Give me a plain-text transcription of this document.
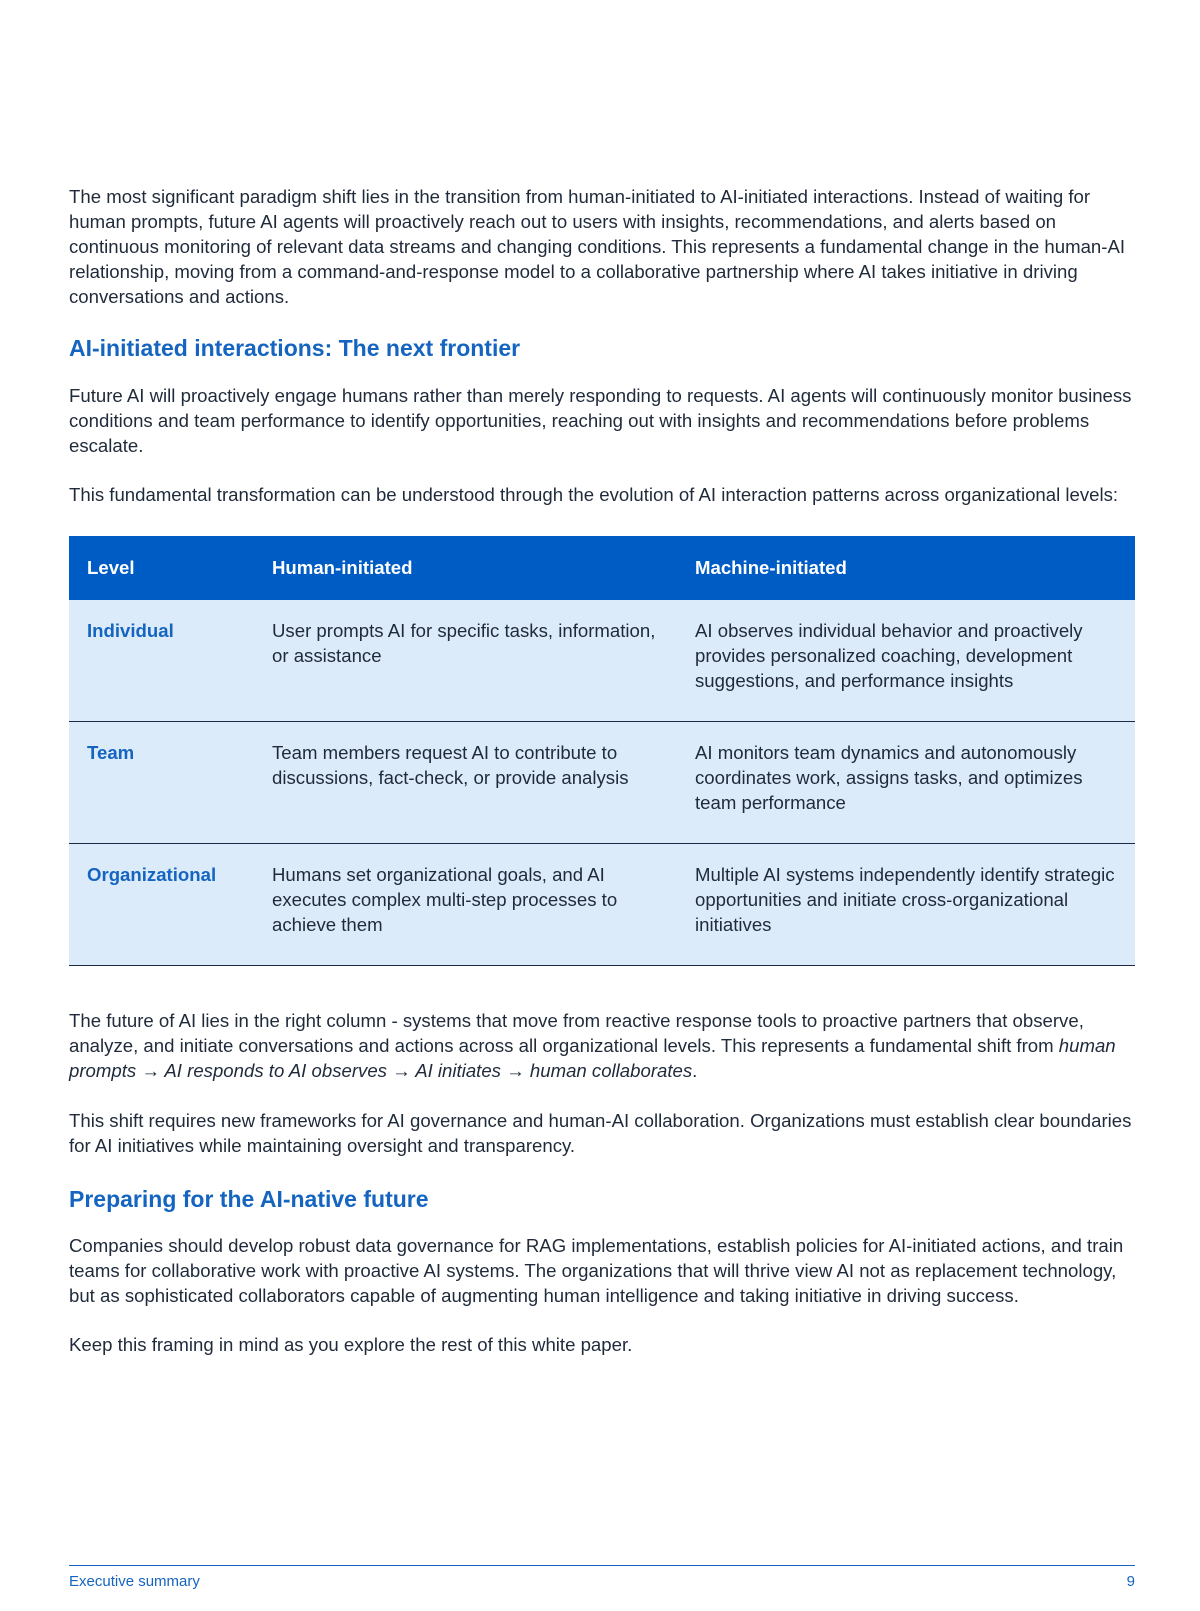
The most significant paradigm shift lies in the transition from human-initiated to AI-initiated interactions. Instead of waiting for human prompts, future AI agents will proactively reach out to users with insights, recommendations, and alerts based on continuous monitoring of relevant data streams and changing conditions. This represents a fundamental change in the human-AI relationship, moving from a command-and-response model to a collaborative partnership where AI takes initiative in driving conversations and actions.

AI-initiated interactions: The next frontier

Future AI will proactively engage humans rather than merely responding to requests. AI agents will continuously monitor business conditions and team performance to identify opportunities, reaching out with insights and recommendations before problems escalate.

This fundamental transformation can be understood through the evolution of AI interaction patterns across organizational levels:

Level	Human-initiated	Machine-initiated
Individual	User prompts AI for specific tasks, information, or assistance	AI observes individual behavior and proactively provides personalized coaching, development suggestions, and performance insights
Team	Team members request AI to contribute to discussions, fact-check, or provide analysis	AI monitors team dynamics and autonomously coordinates work, assigns tasks, and optimizes team performance
Organizational	Humans set organizational goals, and AI executes complex multi-step processes to achieve them	Multiple AI systems independently identify strategic opportunities and initiate cross-organizational initiatives

The future of AI lies in the right column - systems that move from reactive response tools to proactive partners that observe, analyze, and initiate conversations and actions across all organizational levels. This represents a fundamental shift from human prompts → AI responds to AI observes → AI initiates → human collaborates.

This shift requires new frameworks for AI governance and human-AI collaboration. Organizations must establish clear boundaries for AI initiatives while maintaining oversight and transparency.

Preparing for the AI-native future

Companies should develop robust data governance for RAG implementations, establish policies for AI-initiated actions, and train teams for collaborative work with proactive AI systems. The organizations that will thrive view AI not as replacement technology, but as sophisticated collaborators capable of augmenting human intelligence and taking initiative in driving success.

Keep this framing in mind as you explore the rest of this white paper.

Executive summary	9
